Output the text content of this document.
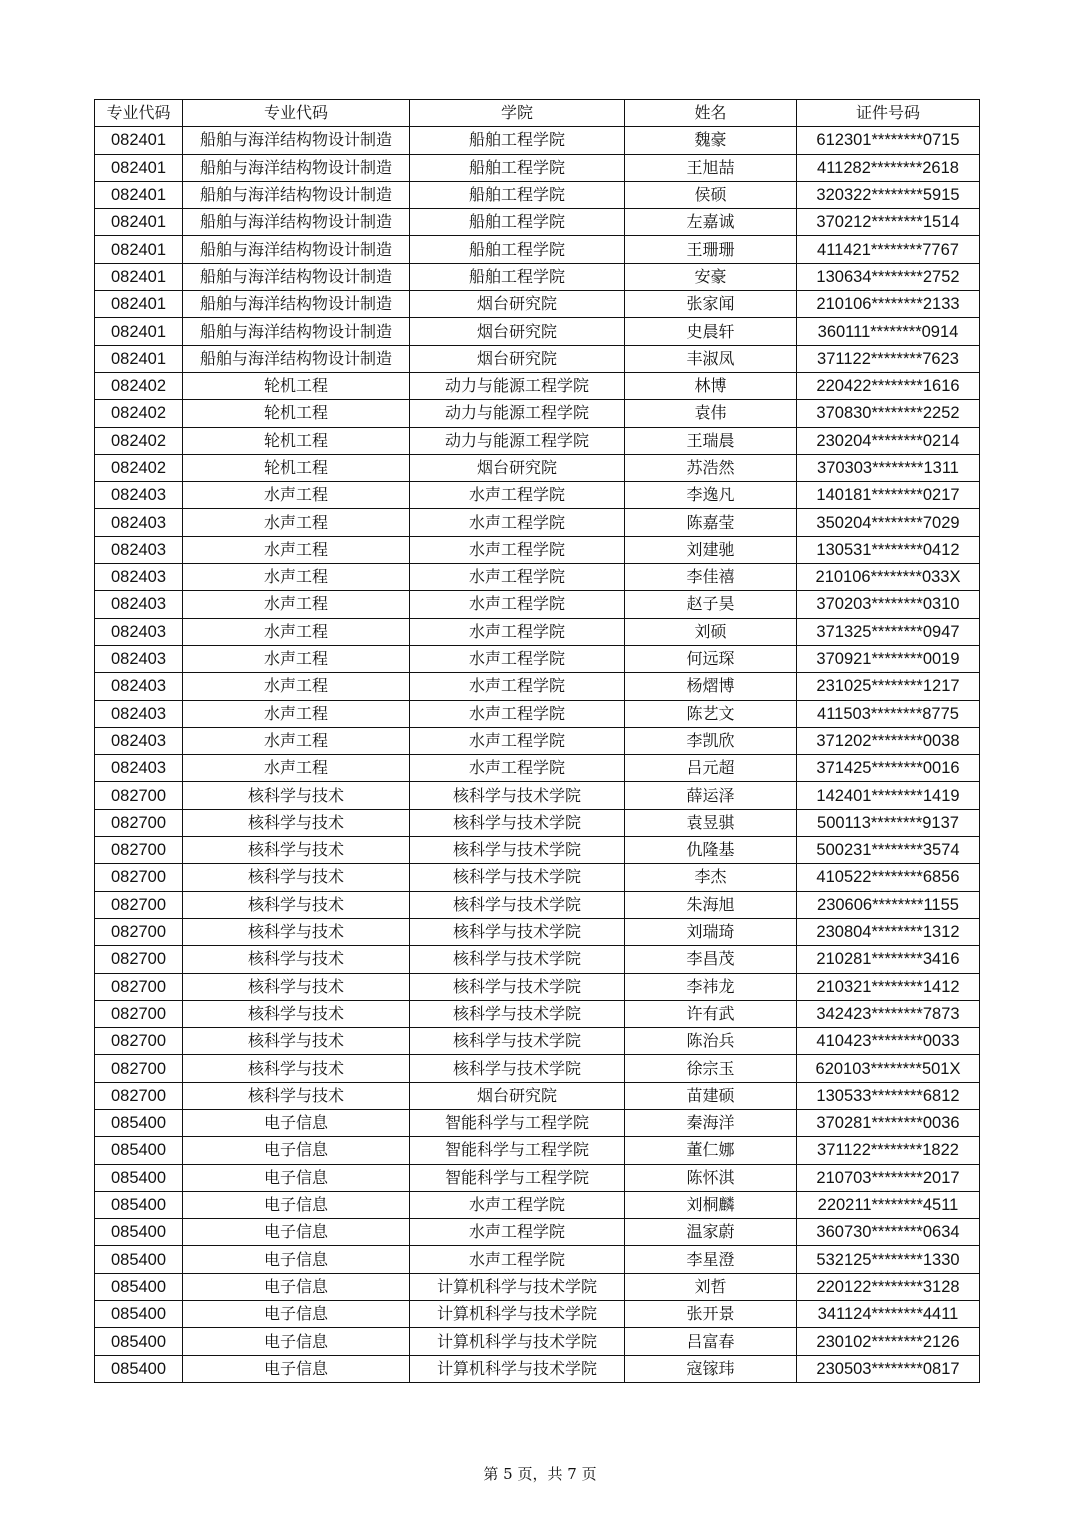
专业代码	专业代码	学院	姓名	证件号码
082401	船舶与海洋结构物设计制造	船舶工程学院	魏豪	612301********0715
082401	船舶与海洋结构物设计制造	船舶工程学院	王旭喆	411282********2618
082401	船舶与海洋结构物设计制造	船舶工程学院	侯硕	320322********5915
082401	船舶与海洋结构物设计制造	船舶工程学院	左嘉诚	370212********1514
082401	船舶与海洋结构物设计制造	船舶工程学院	王珊珊	411421********7767
082401	船舶与海洋结构物设计制造	船舶工程学院	安豪	130634********2752
082401	船舶与海洋结构物设计制造	烟台研究院	张家闻	210106********2133
082401	船舶与海洋结构物设计制造	烟台研究院	史晨轩	360111********0914
082401	船舶与海洋结构物设计制造	烟台研究院	丰淑凤	371122********7623
082402	轮机工程	动力与能源工程学院	林博	220422********1616
082402	轮机工程	动力与能源工程学院	袁伟	370830********2252
082402	轮机工程	动力与能源工程学院	王瑞晨	230204********0214
082402	轮机工程	烟台研究院	苏浩然	370303********1311
082403	水声工程	水声工程学院	李逸凡	140181********0217
082403	水声工程	水声工程学院	陈嘉莹	350204********7029
082403	水声工程	水声工程学院	刘建驰	130531********0412
082403	水声工程	水声工程学院	李佳禧	210106********033X
082403	水声工程	水声工程学院	赵子昊	370203********0310
082403	水声工程	水声工程学院	刘硕	371325********0947
082403	水声工程	水声工程学院	何远琛	370921********0019
082403	水声工程	水声工程学院	杨熠博	231025********1217
082403	水声工程	水声工程学院	陈艺文	411503********8775
082403	水声工程	水声工程学院	李凯欣	371202********0038
082403	水声工程	水声工程学院	吕元超	371425********0016
082700	核科学与技术	核科学与技术学院	薛运泽	142401********1419
082700	核科学与技术	核科学与技术学院	袁昱骐	500113********9137
082700	核科学与技术	核科学与技术学院	仇隆基	500231********3574
082700	核科学与技术	核科学与技术学院	李杰	410522********6856
082700	核科学与技术	核科学与技术学院	朱海旭	230606********1155
082700	核科学与技术	核科学与技术学院	刘瑞琦	230804********1312
082700	核科学与技术	核科学与技术学院	李昌茂	210281********3416
082700	核科学与技术	核科学与技术学院	李祎龙	210321********1412
082700	核科学与技术	核科学与技术学院	许有武	342423********7873
082700	核科学与技术	核科学与技术学院	陈治兵	410423********0033
082700	核科学与技术	核科学与技术学院	徐宗玉	620103********501X
082700	核科学与技术	烟台研究院	苗建硕	130533********6812
085400	电子信息	智能科学与工程学院	秦海洋	370281********0036
085400	电子信息	智能科学与工程学院	董仁娜	371122********1822
085400	电子信息	智能科学与工程学院	陈怀淇	210703********2017
085400	电子信息	水声工程学院	刘桐麟	220211********4511
085400	电子信息	水声工程学院	温家蔚	360730********0634
085400	电子信息	水声工程学院	李星澄	532125********1330
085400	电子信息	计算机科学与技术学院	刘哲	220122********3128
085400	电子信息	计算机科学与技术学院	张开景	341124********4411
085400	电子信息	计算机科学与技术学院	吕富春	230102********2126
085400	电子信息	计算机科学与技术学院	寇镓玮	230503********0817
第 5 页，共 7 页
